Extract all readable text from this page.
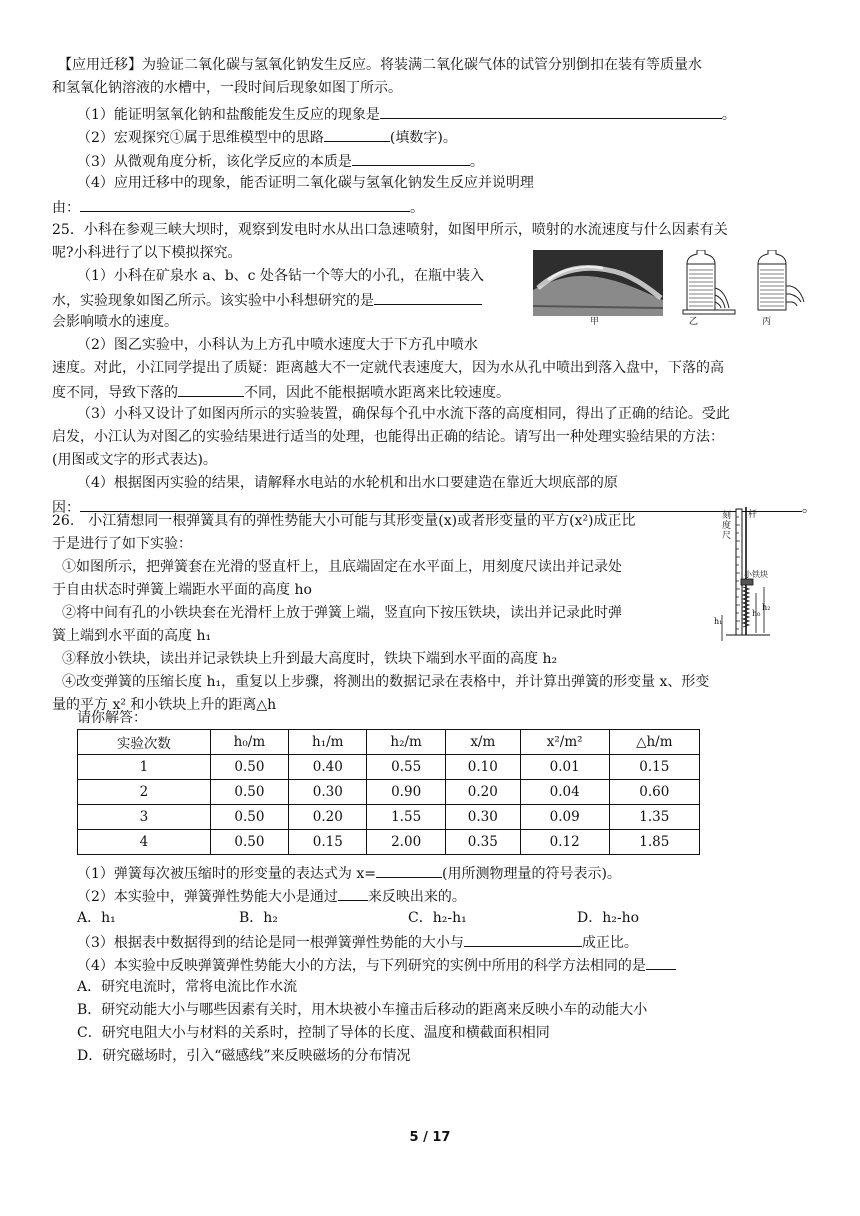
【应用迁移】为验证二氧化碳与氢氧化钠发生反应。将装满二氧化碳气体的试管分别倒扣在装有等质量水
和氢氧化钠溶液的水槽中，一段时间后现象如图丁所示。
（1）能证明氢氧化钠和盐酸能发生反应的现象是	。
（2）宏观探究①属于思维模型中的思路	(填数字)。
（3）从微观角度分析，该化学反应的本质是	。
（4）应用迁移中的现象，能否证明二氧化碳与氢氧化钠发生反应并说明理
由：	。
25．小科在参观三峡大坝时，观察到发电时水从出口急速喷射，如图甲所示，喷射的水流速度与什么因素有关
呢?小科进行了以下模拟探究。
（1）小科在矿泉水 a、b、c 处各钻一个等大的小孔，在瓶中装入
水，实验现象如图乙所示。该实验中小科想研究的是
会影响喷水的速度。
（2）图乙实验中，小科认为上方孔中喷水速度大于下方孔中喷水
速度。对此，小江同学提出了质疑：距离越大不一定就代表速度大，因为水从孔中喷出到落入盘中，下落的高
度不同，导致下落的	不同，因此不能根据喷水距离来比较速度。
（3）小科又设计了如图丙所示的实验装置，确保每个孔中水流下落的高度相同，得出了正确的结论。受此
启发，小江认为对图乙的实验结果进行适当的处理，也能得出正确的结论。请写出一种处理实验结果的方法：
(用图或文字的形式表达)。
（4）根据图丙实验的结果，请解释水电站的水轮机和出水口要建造在靠近大坝底部的原
因：	。
甲	乙	丙
26.　小江猜想同一根弹簧具有的弹性势能大小可能与其形变量(x)或者形变量的平方(x²)成正比
于是进行了如下实验：
①如图所示，把弹簧套在光滑的竖直杆上，且底端固定在水平面上，用刻度尺读出并记录处
于自由状态时弹簧上端距水平面的高度 ho
②将中间有孔的小铁块套在光滑杆上放于弹簧上端，竖直向下按压铁块，读出并记录此时弹
簧上端到水平面的高度 h₁
③释放小铁块，读出并记录铁块上升到最大高度时，铁块下端到水平面的高度 h₂
④改变弹簧的压缩长度 h₁，重复以上步骤，将测出的数据记录在表格中，并计算出弹簧的形变量 x、形变
量的平方 x² 和小铁块上升的距离△h
请你解答：
刻度尺
杆
小铁块
h₁
h₀
h₂
实验次数	h₀/m	h₁/m	h₂/m	x/m	x²/m²	△h/m
1	0.50	0.40	0.55	0.10	0.01	0.15
2	0.50	0.30	0.90	0.20	0.04	0.60
3	0.50	0.20	1.55	0.30	0.09	1.35
4	0.50	0.15	2.00	0.35	0.12	1.85
（1）弹簧每次被压缩时的形变量的表达式为 x=	(用所测物理量的符号表示)。
（2）本实验中，弹簧弹性势能大小是通过 来反映出来的。
A．h₁	B．h₂	C．h₂-h₁	D．h₂-ho
（3）根据表中数据得到的结论是同一根弹簧弹性势能的大小与	成正比。
（4）本实验中反映弹簧弹性势能大小的方法，与下列研究的实例中所用的科学方法相同的是
A．研究电流时，常将电流比作水流
B．研究动能大小与哪些因素有关时，用木块被小车撞击后移动的距离来反映小车的动能大小
C．研究电阻大小与材料的关系时，控制了导体的长度、温度和横截面积相同
D．研究磁场时，引入“磁感线”来反映磁场的分布情况
5 / 17
